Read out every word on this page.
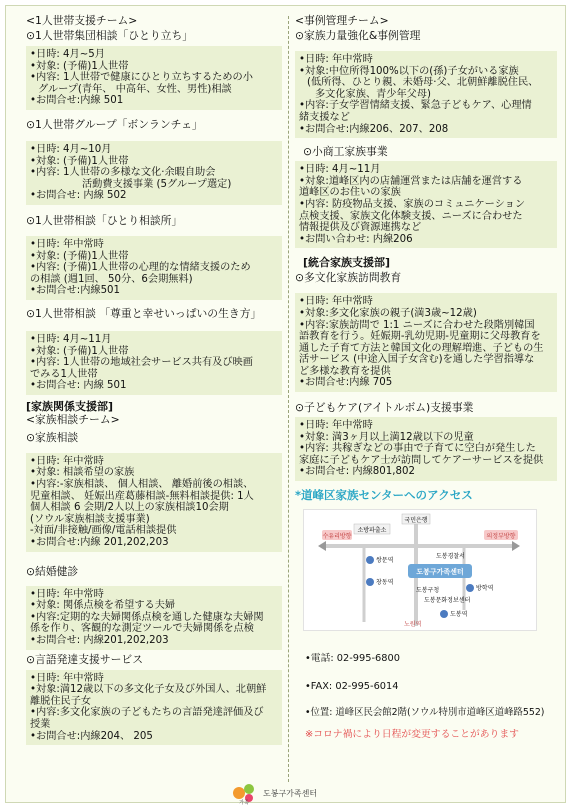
<1人世帯支援チーム>
⊙1人世帯集団相談「ひとり立ち」
•日時: 4月~5月
•対象: (予備)1人世帯
•内容: 1人世帯で健康にひとり立ちするための小
グループ(青年、 中高年、女性、男性)相談
•お問合せ:内線 501
⊙1人世帯グループ「ボンランチェ」
•日時: 4月~10月
•対象: (予備)1人世帯
•内容: 1人世帯の多様な文化·余暇自助会
活動費支援事業 (5グループ選定)
•お問合せ: 内線 502
⊙1人世帯相談「ひとり相談所」
•日時: 年中常時
•対象: (予備)1人世帯
•内容: (予備)1人世帯の心理的な情緒支援のため
の相談 (週1回、 50分、6会期無料)
•お問合せ:内線501
⊙1人世帯相談 「尊重と幸せいっぱいの生き方」
•日時: 4月~11月
•対象: (予備)1人世帯
•内容: 1人世帯の地域社会サービス共有及び映画
でみる1人世帯
•お問合せ: 内線 501
[家族関係支援部]
<家族相談チーム>
⊙家族相談
•日時: 年中常時
•対象: 相談希望の家族
•内容:-家族相談、 個人相談、 離婚前後の相談、
児童相談、 妊娠出産葛藤相談-無料相談提供: 1人
個人相談 6 会期/2人以上の家族相談10会期
(ソウル家族相談支援事業)
-対面/非接触/画像/電話相談提供
•お問合せ:内線 201,202,203
⊙結婚健診
•日時: 年中常時
•対象: 関係点検を希望する夫婦
•内容:定期的な夫婦関係点検を通した健康な夫婦関
係を作り、客観的な測定ツールで夫婦関係を点検
•お問合せ: 内線201,202,203
⊙言語発達支援サービス
•日時: 年中常時
•対象:満12歳以下の多文化子女及び外国人、北朝鮮
離脱住民子女
•内容:多文化家族の子どもたちの言語発達評価及び
授業
•お問合せ:内線204、 205
<事例管理チーム>
⊙家族力量強化&事例管理
•日時: 年中常時
•対象:中位所得100%以下の(孫)子女がいる家族
(低所得、ひとり親、未婚母·父、北朝鮮離脱住民、
多文化家族、青少年父母)
•内容:子女学習情緒支援、緊急子どもケア、心理情
緒支援など
•お問合せ:内線206、207、208
⊙小商工家族事業
•日時: 4月~11月
•対象:道峰区内の店舗運営または店舗を運営する
道峰区のお住いの家族
•内容: 防疫物品支援、家族のコミュニケーション
点検支援、家族文化体験支援、ニーズに合わせた
情報提供及び資源連携など
•お問い合わせ: 内線206
[統合家族支援部]
⊙多文化家族訪問教育
•日時: 年中常時
•対象:多文化家族の親子(満3歳~12歳)
•内容:家族訪問で 1:1 ニーズに合わせた段階別韓国
語教育を行う。妊娠期-乳幼児期-児童期に父母教育を
通した子育て方法と韓国文化の理解増進、子どもの生
活サービス (中途入国子女含む)を通した学習指導な
ど多様な教育を提供
•お問合せ:内線 705
⊙子どもケア(アイトルボム)支援事業
•日時: 年中常時
•対象: 満3ヶ月以上満12歳以下の児童
•内容: 共稼ぎなどの事由で子育てに空白が発生した
家庭に子どもケア士が訪問してケアーサービスを提供
•お問合せ: 内線801,802
*道峰区家族センターへのアクセス
국민은행
소방파출소
수유리방향	의정부방향
도봉경찰서
쌍문역
창동역
도봉구가족센터
도봉구청
도봉문화정보센터
방학역
도봉역
노원역
•電話: 02-995-6800
•FAX: 02-995-6014
•位置: 道峰区民会館2階(ソウル特別市道峰区道峰路552)
※コロナ禍により日程が変更することがあります
가족
도봉구가족센터
